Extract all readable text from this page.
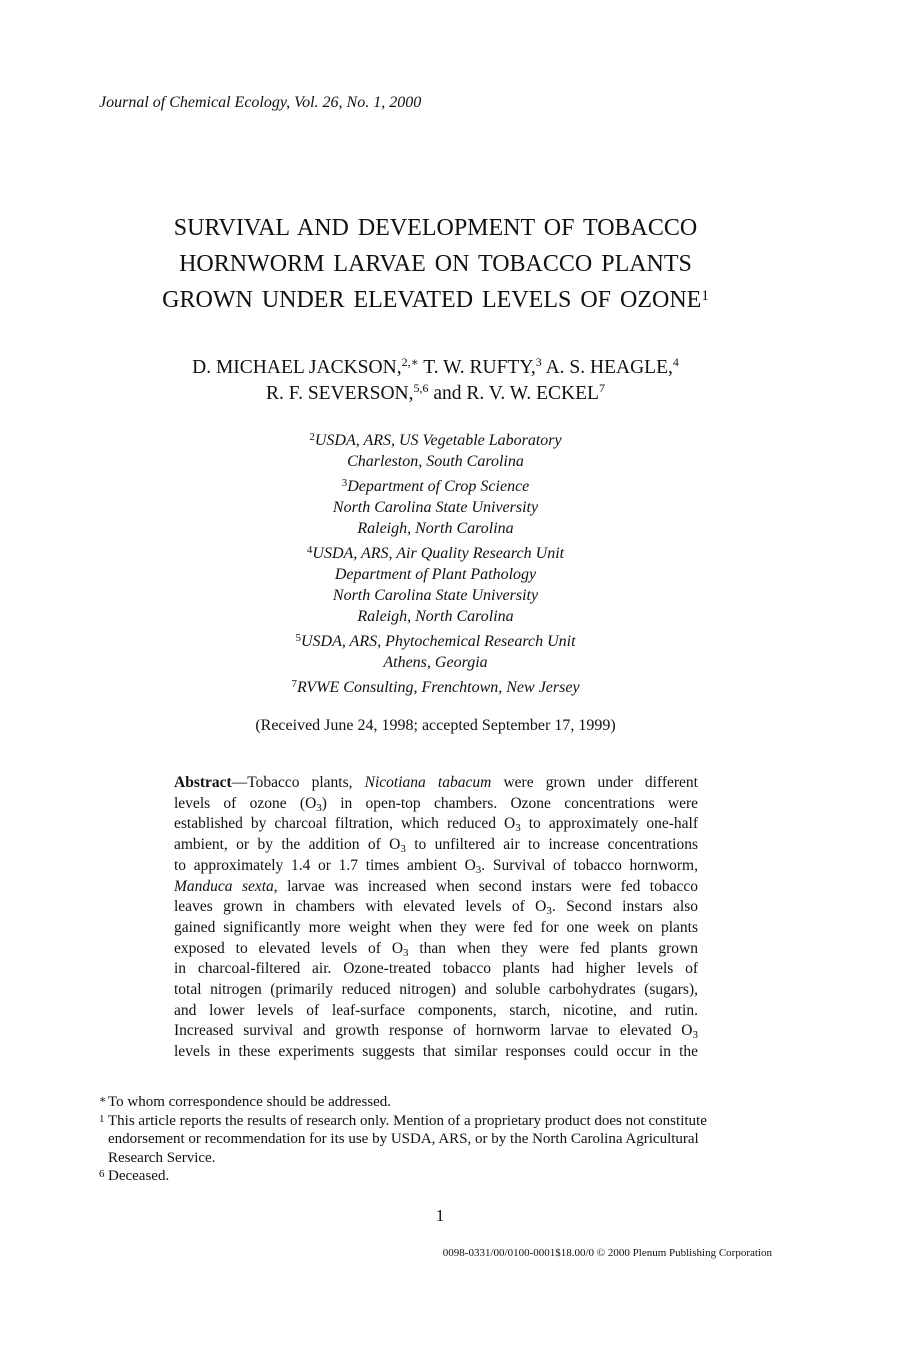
Journal of Chemical Ecology, Vol. 26, No. 1, 2000
SURVIVAL AND DEVELOPMENT OF TOBACCO
HORNWORM LARVAE ON TOBACCO PLANTS
GROWN UNDER ELEVATED LEVELS OF OZONE$^1$
D. MICHAEL JACKSON,$^{2,∗}$ T. W. RUFTY,$^3$ A. S. HEAGLE,$^4$
R. F. SEVERSON,$^{5,6}$ and R. V. W. ECKEL$^7$
$^2$USDA, ARS, US Vegetable Laboratory
Charleston, South Carolina
$^3$Department of Crop Science
North Carolina State University
Raleigh, North Carolina
$^4$USDA, ARS, Air Quality Research Unit
Department of Plant Pathology
North Carolina State University
Raleigh, North Carolina
$^5$USDA, ARS, Phytochemical Research Unit
Athens, Georgia
$^7$RVWE Consulting, Frenchtown, New Jersey
(Received June 24, 1998; accepted September 17, 1999)
Abstract—Tobacco plants, Nicotiana tabacum were grown under different
levels of ozone $(O_3)$ in open-top chambers. Ozone concentrations were
established by charcoal filtration, which reduced $O_3$ to approximately one-half
ambient, or by the addition of $O_3$ to unfiltered air to increase concentrations
to approximately 1.4 or 1.7 times ambient $O_3$. Survival of tobacco hornworm,
Manduca sexta, larvae was increased when second instars were fed tobacco
leaves grown in chambers with elevated levels of $O_3$. Second instars also
gained significantly more weight when they were fed for one week on plants
exposed to elevated levels of $O_3$ than when they were fed plants grown
in charcoal-filtered air. Ozone-treated tobacco plants had higher levels of
total nitrogen (primarily reduced nitrogen) and soluble carbohydrates (sugars),
and lower levels of leaf-surface components, starch, nicotine, and rutin.
Increased survival and growth response of hornworm larvae to elevated $O_3$
levels in these experiments suggests that similar responses could occur in the
∗ To whom correspondence should be addressed.
1 This article reports the results of research only. Mention of a proprietary product does not constitute
endorsement or recommendation for its use by USDA, ARS, or by the North Carolina Agricultural
Research Service.
6 Deceased.
1
0098-0331/00/0100-0001$18.00/0 © 2000 Plenum Publishing Corporation
